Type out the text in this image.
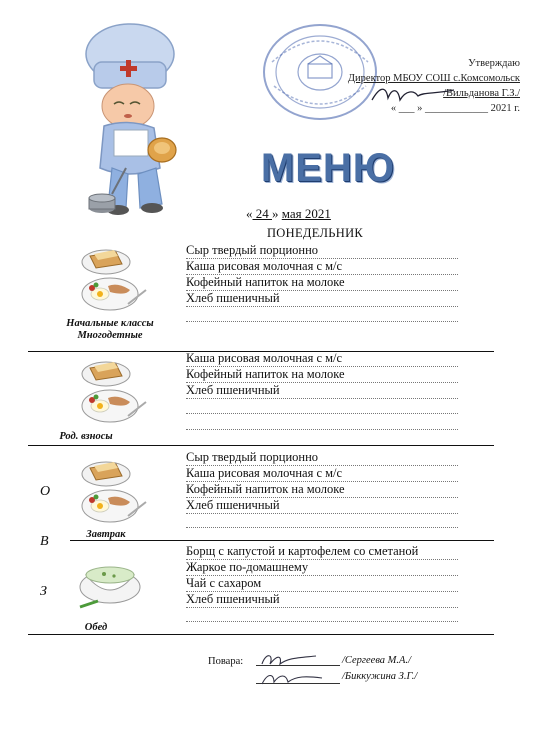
Утверждаю
Директор МБОУ СОШ с.Комсомольск
/Вильданова Г.З./
« ___ » ____________ 2021 г.
МЕНЮ
« 24 » мая 2021
ПОНЕДЕЛЬНИК
Начальные классы
Многодетные
Сыр твердый порционно
Каша рисовая молочная с м/с
Кофейный напиток на молоке
Хлеб пшеничный
Род. взносы
Каша рисовая молочная с м/с
Кофейный напиток на молоке
Хлеб пшеничный
О
В
З
Завтрак
Сыр твердый порционно
Каша рисовая молочная с м/с
Кофейный напиток на молоке
Хлеб пшеничный
Обед
Борщ с капустой и картофелем со сметаной
Жаркое по-домашнему
Чай с сахаром
Хлеб пшеничный
Повара:	/Сергеева М.А./
/Биккужина З.Г./
